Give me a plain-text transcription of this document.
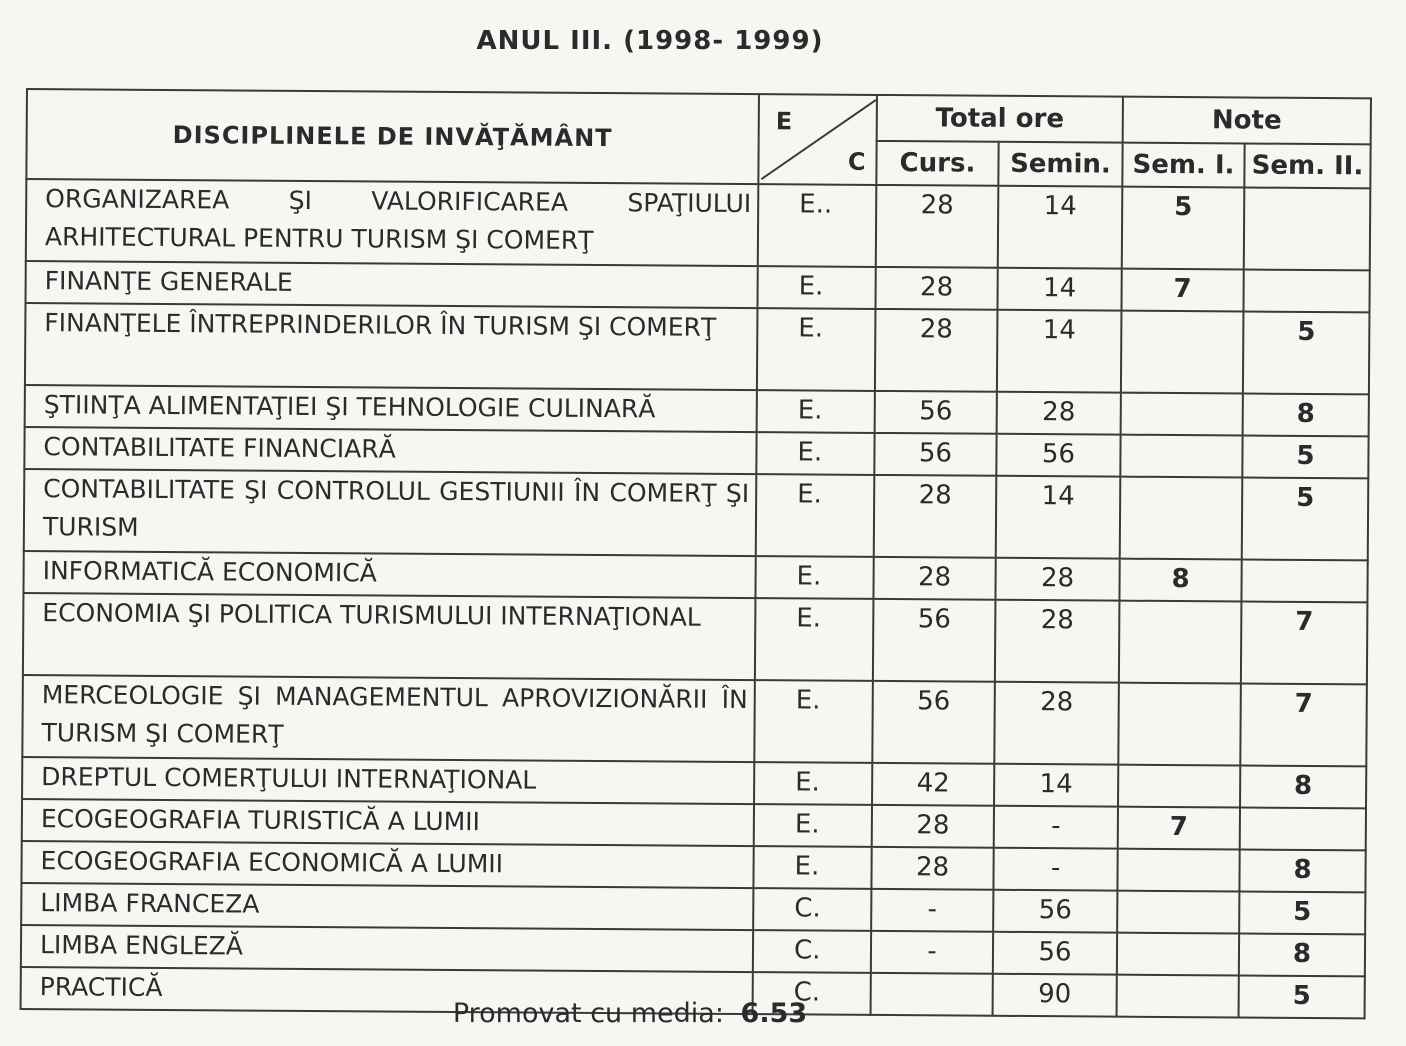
ANUL III. (1998- 1999)
DISCIPLINELE DE INVĂŢĂMÂNT	E
C	Total ore		Note	
		Curs.	Semin.	Sem. I.	Sem. II.
ORGANIZAREA ŞI VALORIFICAREA SPAŢIULUI ARHITECTURAL PENTRU TURISM ŞI COMERŢ	E..	28	14	5	
FINANŢE GENERALE	E.	28	14	7	
FINANŢELE ÎNTREPRINDERILOR ÎN TURISM ŞI COMERŢ	E.	28	14		5
ŞTIINŢA ALIMENTAŢIEI ŞI TEHNOLOGIE CULINARĂ	E.	56	28		8
CONTABILITATE FINANCIARĂ	E.	56	56		5
CONTABILITATE ŞI CONTROLUL GESTIUNII ÎN COMERŢ ŞI TURISM	E.	28	14		5
INFORMATICĂ ECONOMICĂ	E.	28	28	8	
ECONOMIA ŞI POLITICA TURISMULUI INTERNAŢIONAL	E.	56	28		7
MERCEOLOGIE ŞI MANAGEMENTUL APROVIZIONĂRII ÎN TURISM ŞI COMERŢ	E.	56	28		7
DREPTUL COMERŢULUI INTERNAŢIONAL	E.	42	14		8
ECOGEOGRAFIA TURISTICĂ A LUMII	E.	28	-	7	
ECOGEOGRAFIA ECONOMICĂ A LUMII	E.	28	-		8
LIMBA FRANCEZA	C.	-	56		5
LIMBA ENGLEZĂ	C.	-	56		8
PRACTICĂ	C.		90		5
Promovat cu media: 6.53
